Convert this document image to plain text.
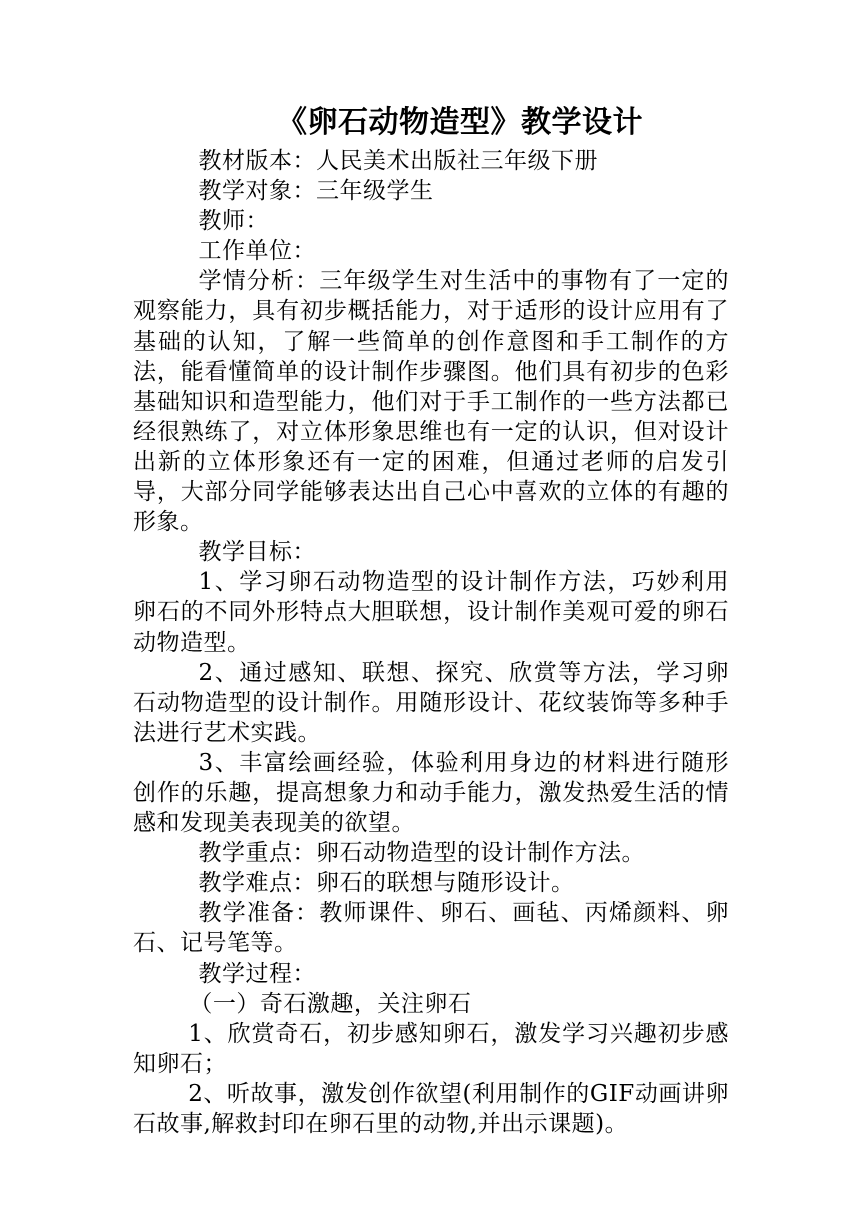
《卵石动物造型》教学设计

教材版本：人民美术出版社三年级下册

教学对象：三年级学生

教师：

工作单位：

学情分析：三年级学生对生活中的事物有了一定的观察能力，具有初步概括能力，对于适形的设计应用有了基础的认知，了解一些简单的创作意图和手工制作的方法，能看懂简单的设计制作步骤图。他们具有初步的色彩基础知识和造型能力，他们对于手工制作的一些方法都已经很熟练了，对立体形象思维也有一定的认识，但对设计出新的立体形象还有一定的困难，但通过老师的启发引导，大部分同学能够表达出自己心中喜欢的立体的有趣的形象。

教学目标：

1、学习卵石动物造型的设计制作方法，巧妙利用卵石的不同外形特点大胆联想，设计制作美观可爱的卵石动物造型。

2、通过感知、联想、探究、欣赏等方法，学习卵石动物造型的设计制作。用随形设计、花纹装饰等多种手法进行艺术实践。

3、丰富绘画经验，体验利用身边的材料进行随形创作的乐趣，提高想象力和动手能力，激发热爱生活的情感和发现美表现美的欲望。

教学重点：卵石动物造型的设计制作方法。

教学难点：卵石的联想与随形设计。

教学准备：教师课件、卵石、画毡、丙烯颜料、卵石、记号笔等。

教学过程：

（一）奇石激趣，关注卵石

1、欣赏奇石，初步感知卵石，激发学习兴趣初步感知卵石；

2、听故事，激发创作欲望(利用制作的GIF动画讲卵石故事,解救封印在卵石里的动物,并出示课题)。
